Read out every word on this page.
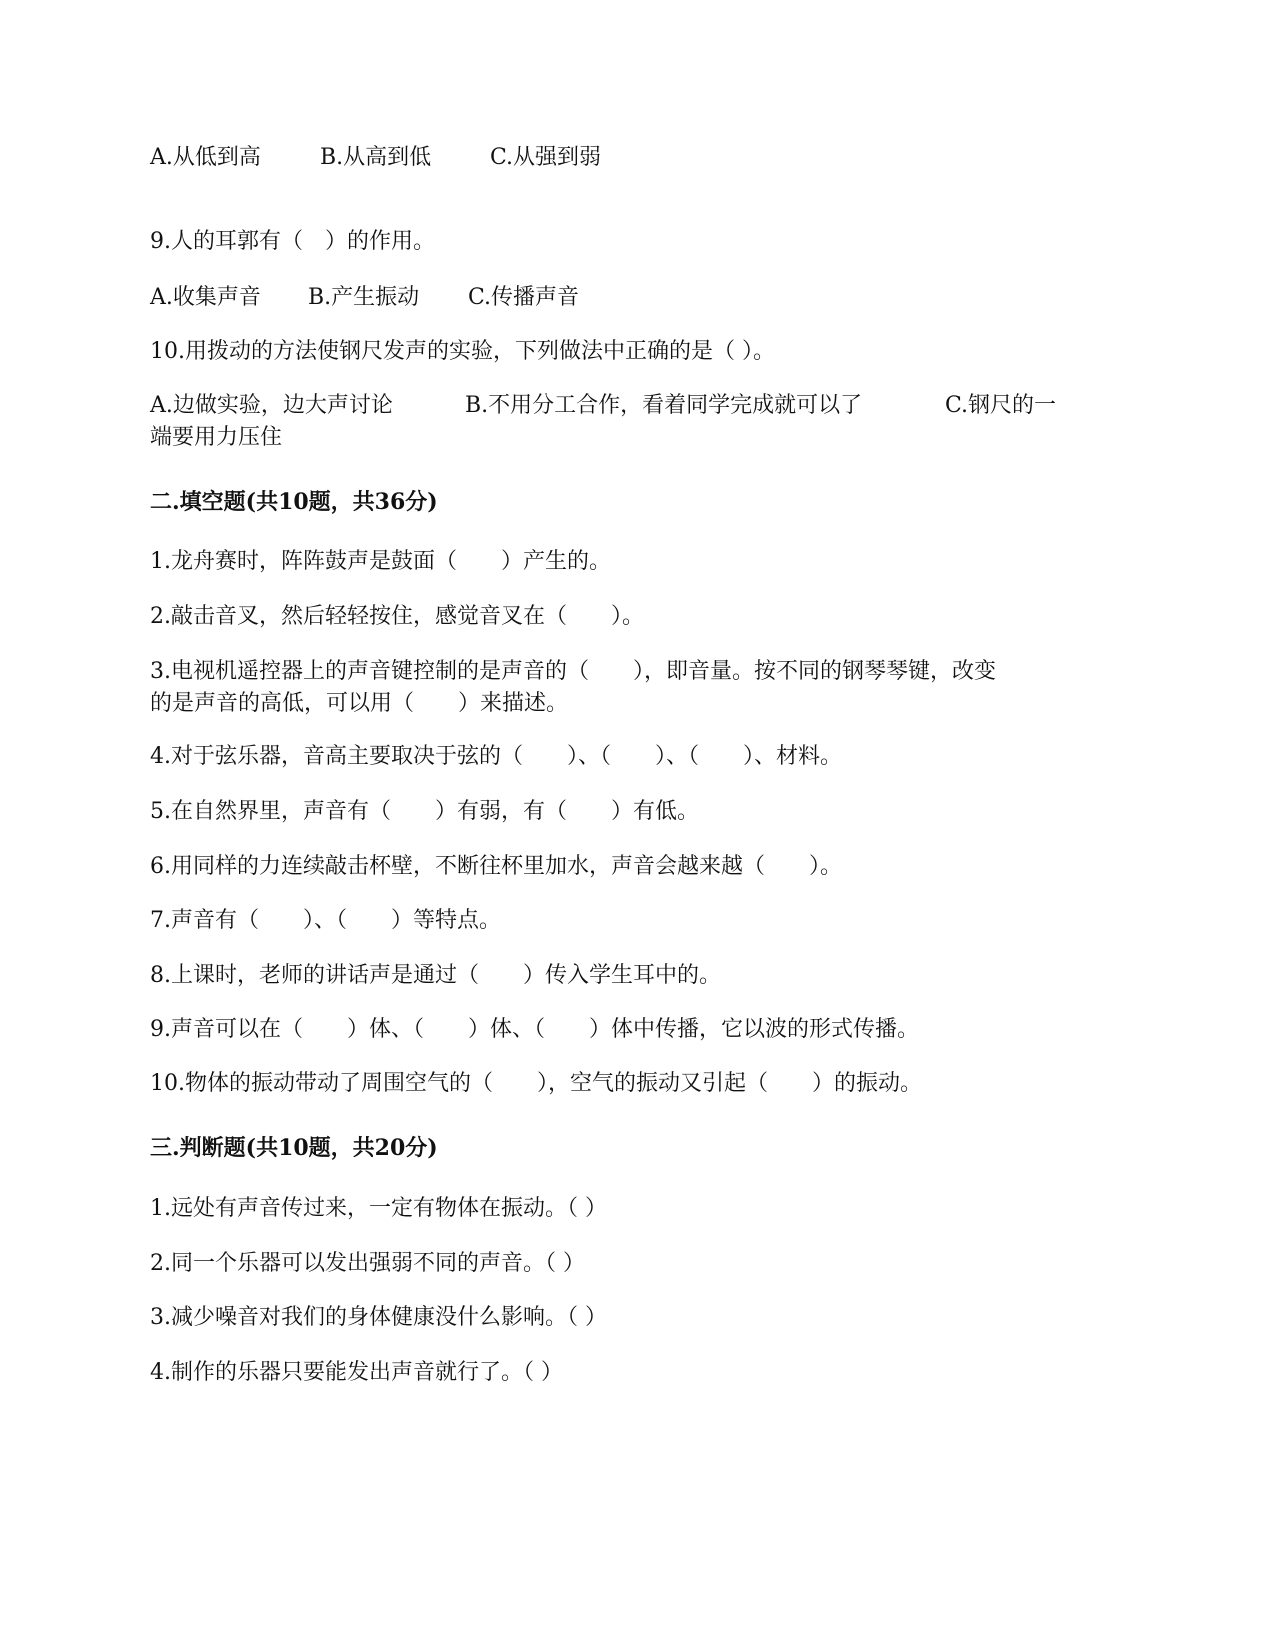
A.从低到高	B.从高到低	C.从强到弱
9.人的耳郭有（　）的作用。
A.收集声音 B.产生振动 C.传播声音
10.用拨动的方法使钢尺发声的实验，下列做法中正确的是（ ）。
A.边做实验，边大声讨论	B.不用分工合作，看着同学完成就可以了	C.钢尺的一
端要用力压住
二.填空题(共10题，共36分)
1.龙舟赛时，阵阵鼓声是鼓面（　　）产生的。
2.敲击音叉，然后轻轻按住，感觉音叉在（　　）。
3.电视机遥控器上的声音键控制的是声音的（　　），即音量。按不同的钢琴琴键，改变
的是声音的高低，可以用（　　）来描述。
4.对于弦乐器，音高主要取决于弦的（　　）、（　　）、（　　）、材料。
5.在自然界里，声音有（　　）有弱，有（　　）有低。
6.用同样的力连续敲击杯壁，不断往杯里加水，声音会越来越（　　）。
7.声音有（　　）、（　　）等特点。
8.上课时，老师的讲话声是通过（　　）传入学生耳中的。
9.声音可以在（　　）体、（　　）体、（　　）体中传播，它以波的形式传播。
10.物体的振动带动了周围空气的（　　），空气的振动又引起（　　）的振动。
三.判断题(共10题，共20分)
1.远处有声音传过来，一定有物体在振动。（ ）
2.同一个乐器可以发出强弱不同的声音。（ ）
3.减少噪音对我们的身体健康没什么影响。（ ）
4.制作的乐器只要能发出声音就行了。（ ）
